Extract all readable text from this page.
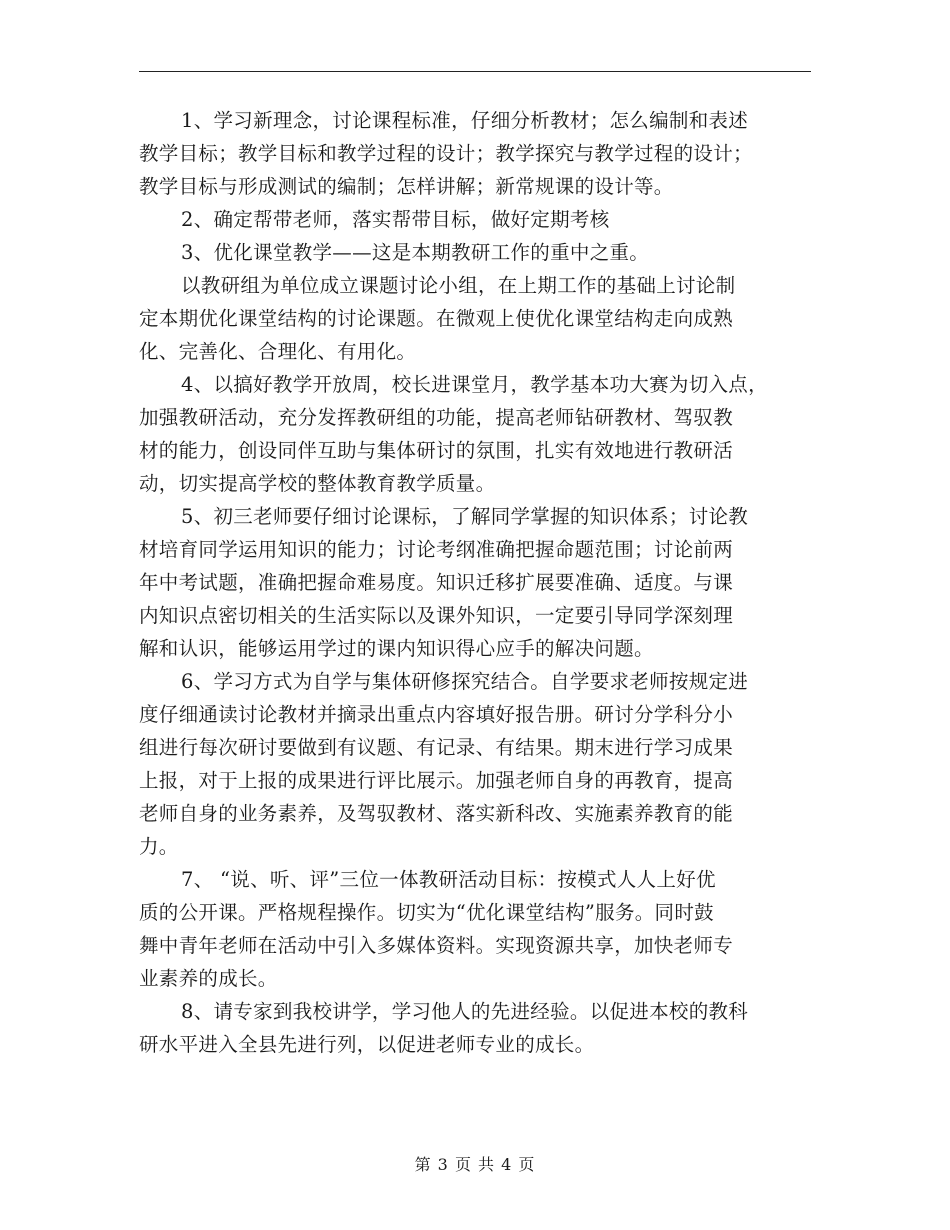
1、学习新理念，讨论课程标准，仔细分析教材；怎么编制和表述
教学目标；教学目标和教学过程的设计；教学探究与教学过程的设计；
教学目标与形成测试的编制；怎样讲解；新常规课的设计等。
2、确定帮带老师，落实帮带目标，做好定期考核
3、优化课堂教学——这是本期教研工作的重中之重。
以教研组为单位成立课题讨论小组，在上期工作的基础上讨论制
定本期优化课堂结构的讨论课题。在微观上使优化课堂结构走向成熟
化、完善化、合理化、有用化。
4、以搞好教学开放周，校长进课堂月，教学基本功大赛为切入点，
加强教研活动，充分发挥教研组的功能，提高老师钻研教材、驾驭教
材的能力，创设同伴互助与集体研讨的氛围，扎实有效地进行教研活
动，切实提高学校的整体教育教学质量。
5、初三老师要仔细讨论课标，了解同学掌握的知识体系；讨论教
材培育同学运用知识的能力；讨论考纲准确把握命题范围；讨论前两
年中考试题，准确把握命难易度。知识迁移扩展要准确、适度。与课
内知识点密切相关的生活实际以及课外知识，一定要引导同学深刻理
解和认识，能够运用学过的课内知识得心应手的解决问题。
6、学习方式为自学与集体研修探究结合。自学要求老师按规定进
度仔细通读讨论教材并摘录出重点内容填好报告册。研讨分学科分小
组进行每次研讨要做到有议题、有记录、有结果。期末进行学习成果
上报，对于上报的成果进行评比展示。加强老师自身的再教育，提高
老师自身的业务素养，及驾驭教材、落实新科改、实施素养教育的能
力。
7、 “说、听、评”三位一体教研活动目标：按模式人人上好优
质的公开课。严格规程操作。切实为“优化课堂结构”服务。同时鼓
舞中青年老师在活动中引入多媒体资料。实现资源共享，加快老师专
业素养的成长。
8、请专家到我校讲学，学习他人的先进经验。以促进本校的教科
研水平进入全县先进行列，以促进老师专业的成长。
第 3 页 共 4 页
